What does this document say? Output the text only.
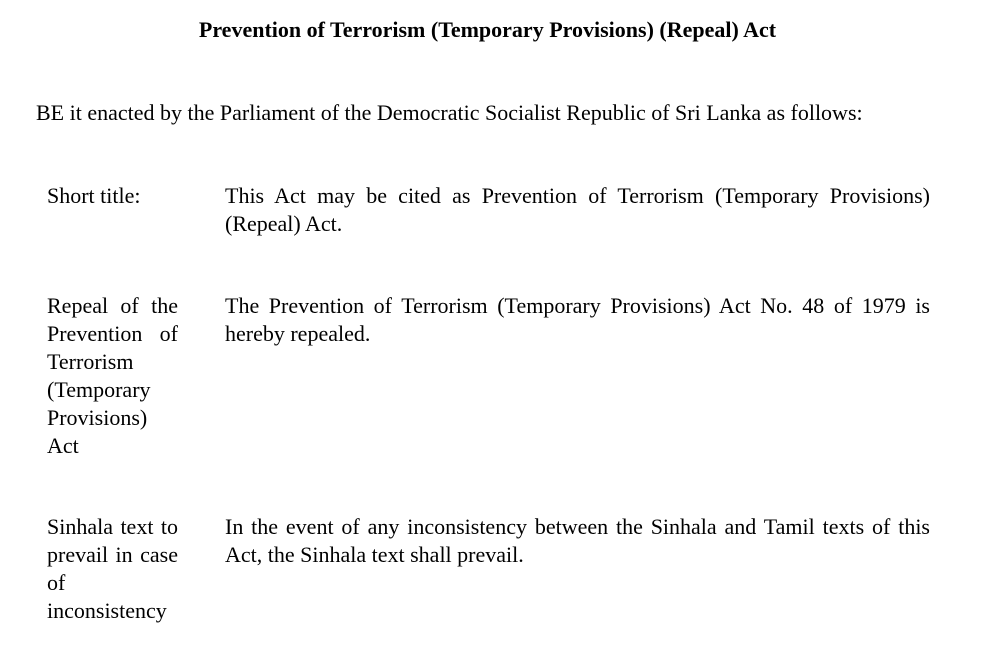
Prevention of Terrorism (Temporary Provisions) (Repeal) Act
BE it enacted by the Parliament of the Democratic Socialist Republic of Sri Lanka as follows:
Short title:	This Act may be cited as Prevention of Terrorism (Temporary Provisions) (Repeal) Act.
Repeal of the Prevention of Terrorism (Temporary Provisions) Act
The Prevention of Terrorism (Temporary Provisions) Act No. 48 of 1979 is hereby repealed.
Sinhala text to prevail in case of inconsistency
In the event of any inconsistency between the Sinhala and Tamil texts of this Act, the Sinhala text shall prevail.
